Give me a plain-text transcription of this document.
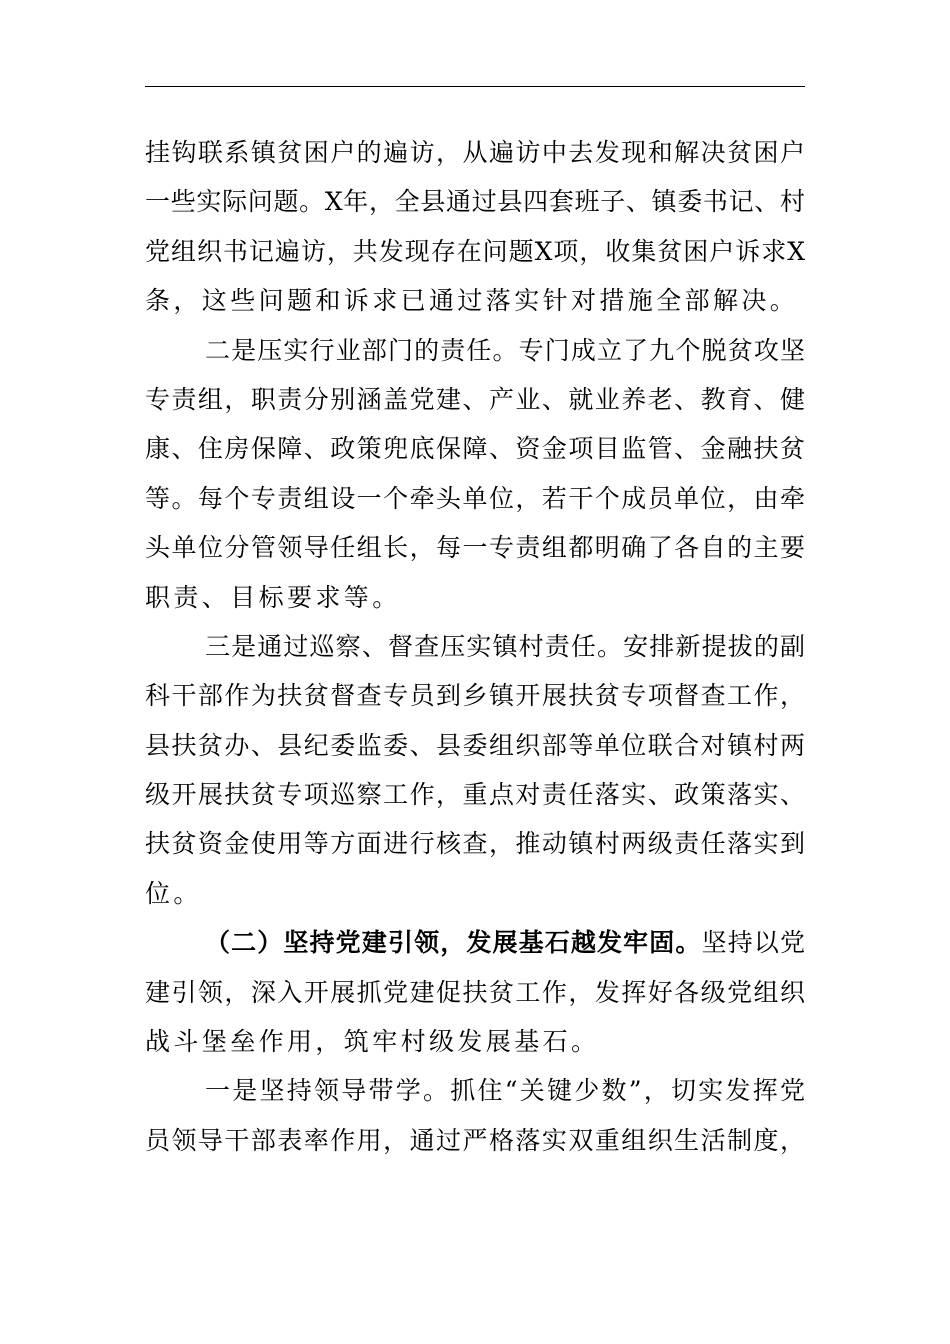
挂钩联系镇贫困户的遍访，从遍访中去发现和解决贫困户
一些实际问题。X年，全县通过县四套班子、镇委书记、村
党组织书记遍访，共发现存在问题X项，收集贫困户诉求X
条，这些问题和诉求已通过落实针对措施全部解决。
二是压实行业部门的责任。专门成立了九个脱贫攻坚
专责组，职责分别涵盖党建、产业、就业养老、教育、健
康、住房保障、政策兜底保障、资金项目监管、金融扶贫
等。每个专责组设一个牵头单位，若干个成员单位，由牵
头单位分管领导任组长，每一专责组都明确了各自的主要
职责、目标要求等。
三是通过巡察、督查压实镇村责任。安排新提拔的副
科干部作为扶贫督查专员到乡镇开展扶贫专项督查工作，
县扶贫办、县纪委监委、县委组织部等单位联合对镇村两
级开展扶贫专项巡察工作，重点对责任落实、政策落实、
扶贫资金使用等方面进行核查，推动镇村两级责任落实到
位。
（二）坚持党建引领，发展基石越发牢固。坚持以党
建引领，深入开展抓党建促扶贫工作，发挥好各级党组织
战斗堡垒作用，筑牢村级发展基石。
一是坚持领导带学。抓住“关键少数”，切实发挥党
员领导干部表率作用，通过严格落实双重组织生活制度，
